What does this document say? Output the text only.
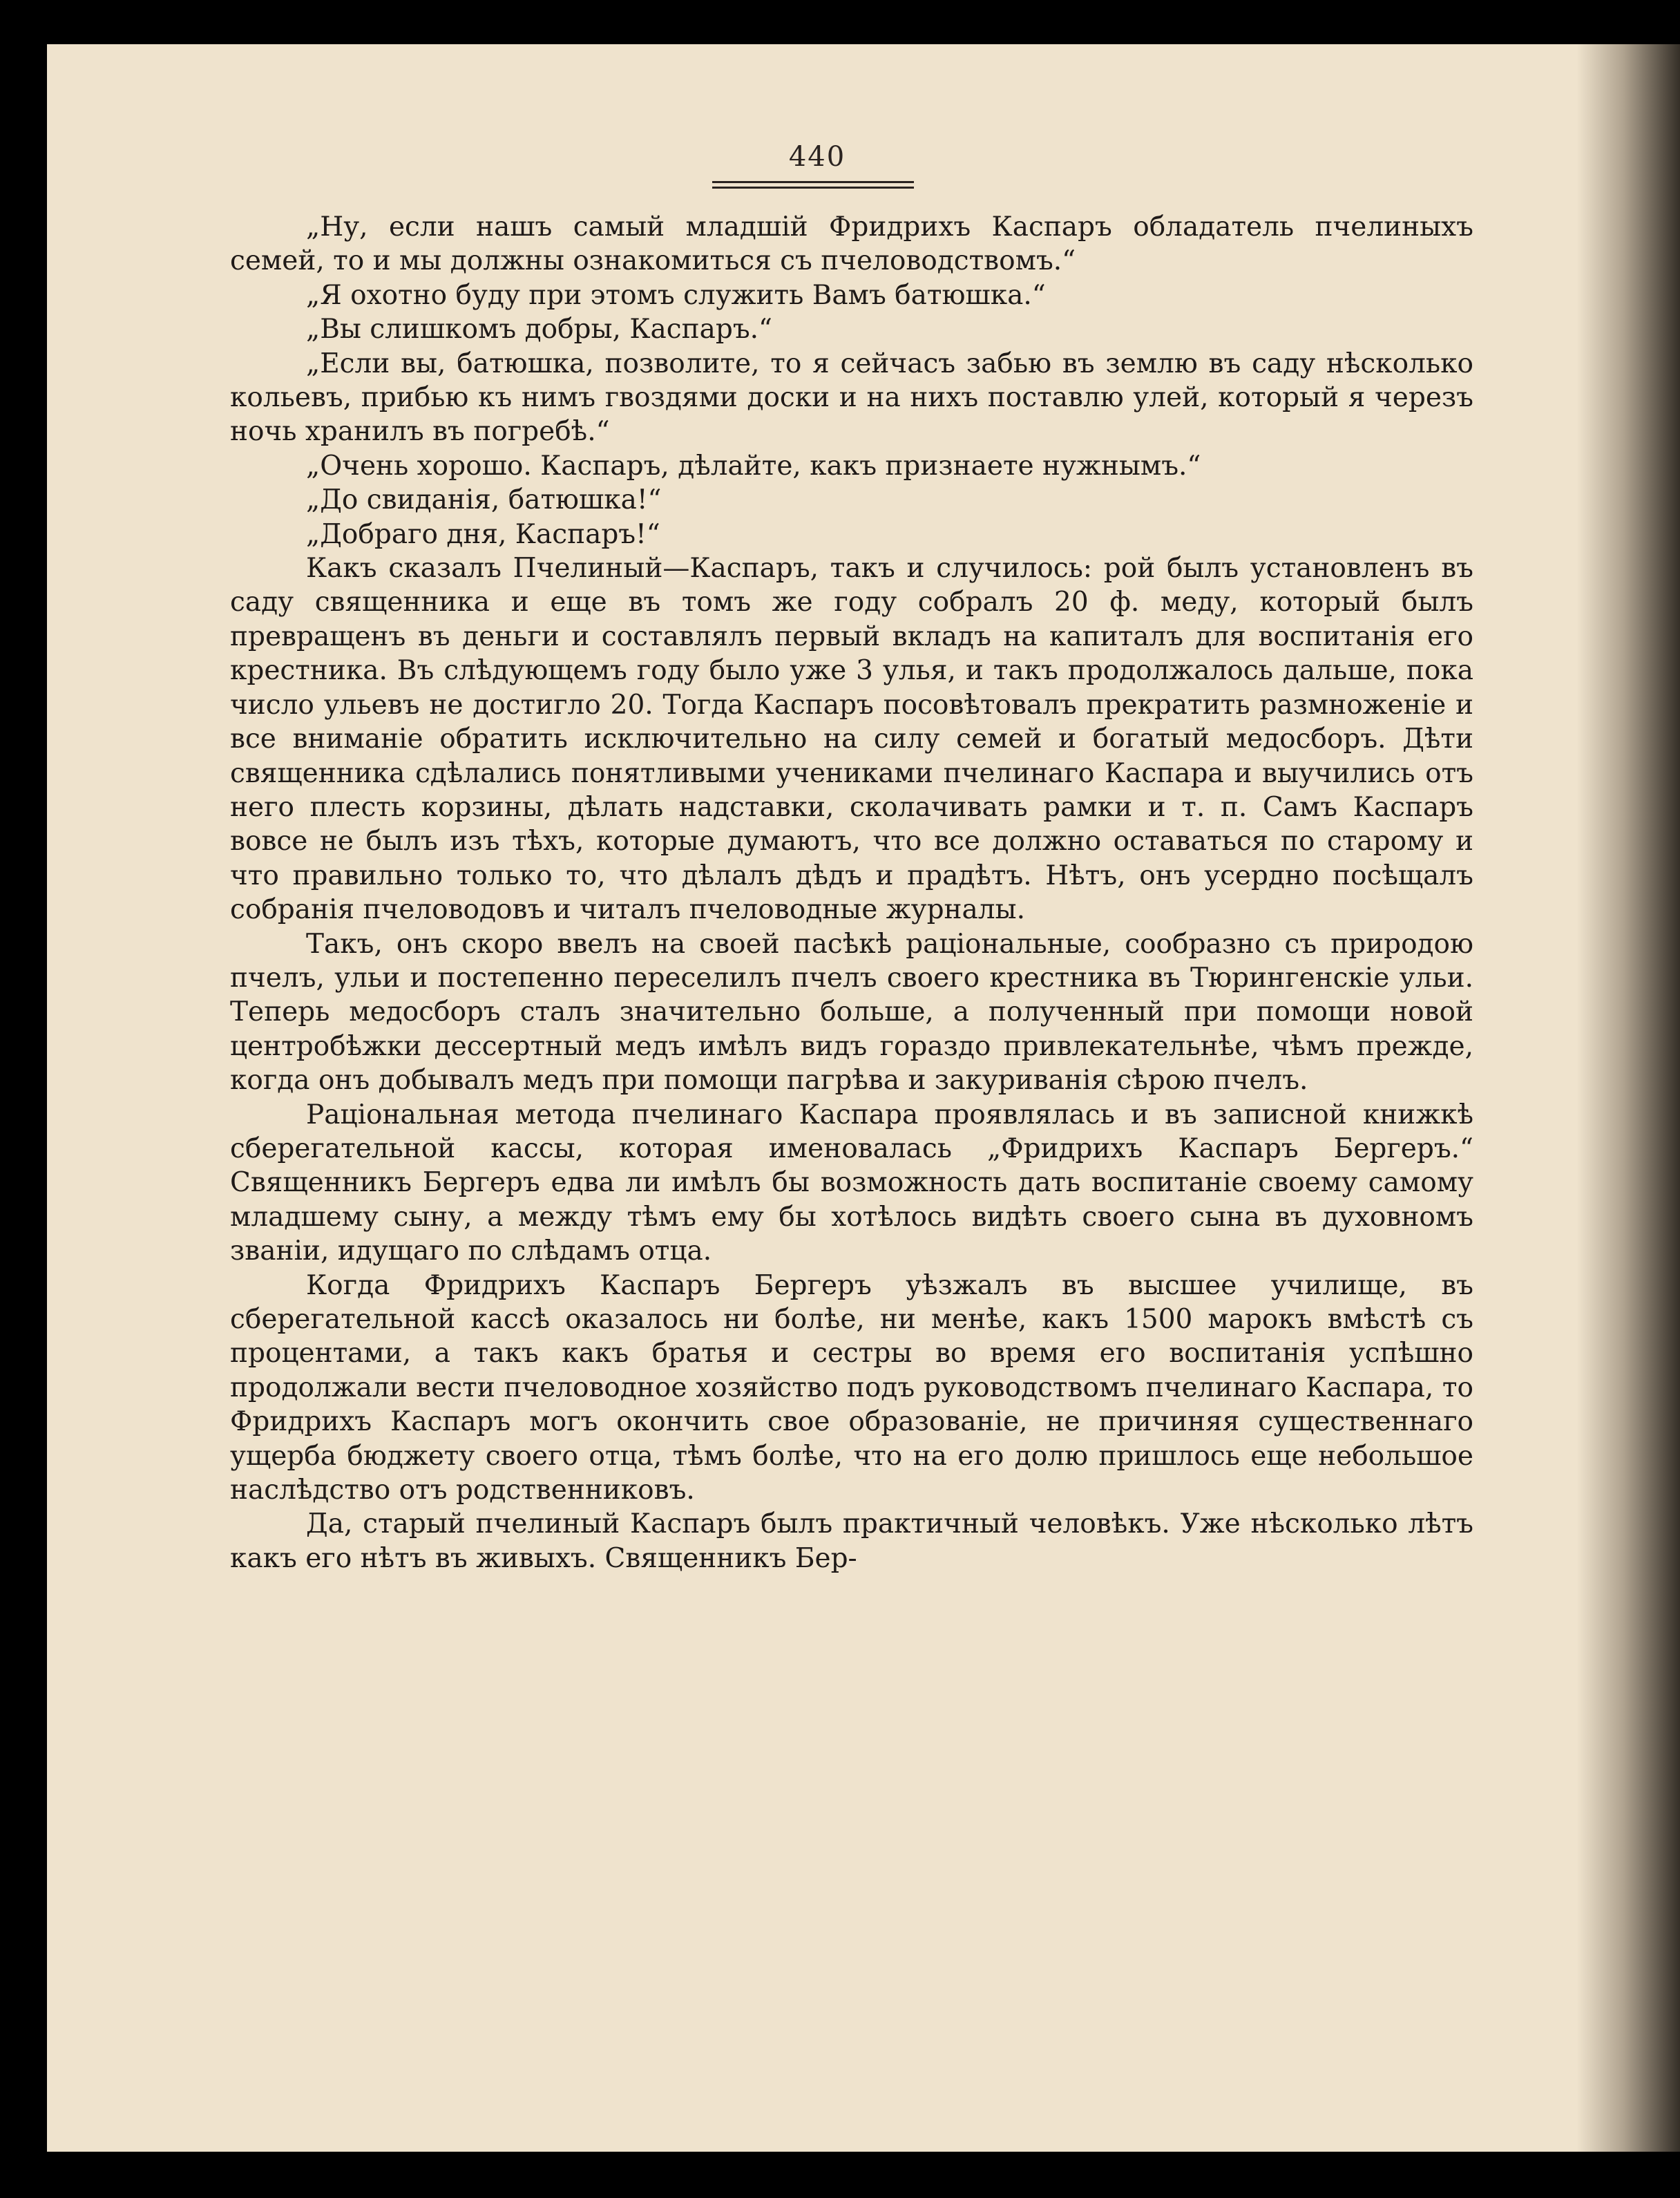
440

„Ну, если нашъ самый младшій Фридрихъ Каспаръ обладатель пчелиныхъ семей, то и мы должны ознакомиться съ пчеловодствомъ.“

„Я охотно буду при этомъ служить Вамъ батюшка.“

„Вы слишкомъ добры, Каспаръ.“

„Если вы, батюшка, позволите, то я сейчасъ забью въ землю въ саду нѣсколько кольевъ, прибью къ нимъ гвоздями доски и на нихъ поставлю улей, который я черезъ ночь хранилъ въ погребѣ.“

„Очень хорошо. Каспаръ, дѣлайте, какъ признаете нужнымъ.“

„До свиданія, батюшка!“

„Добраго дня, Каспаръ!“

Какъ сказалъ Пчелиный—Каспаръ, такъ и случилось: рой былъ установленъ въ саду священника и еще въ томъ же году собралъ 20 ф. меду, который былъ превращенъ въ деньги и составлялъ первый вкладъ на капиталъ для воспитанія его крестника. Въ слѣдующемъ году было уже 3 улья, и такъ продолжалось дальше, пока число ульевъ не достигло 20. Тогда Каспаръ посовѣтовалъ прекратить размноженіе и все вниманіе обратить исключительно на силу семей и богатый медосборъ. Дѣти священника сдѣлались понятливыми учениками пчелинаго Каспара и выучились отъ него плесть корзины, дѣлать надставки, сколачивать рамки и т. п. Самъ Каспаръ вовсе не былъ изъ тѣхъ, которые думаютъ, что все должно оставаться по старому и что правильно только то, что дѣлалъ дѣдъ и прадѣтъ. Нѣтъ, онъ усердно посѣщалъ собранія пчеловодовъ и читалъ пчеловодные журналы.

Такъ, онъ скоро ввелъ на своей пасѣкѣ раціональные, сообразно съ природою пчелъ, ульи и постепенно переселилъ пчелъ своего крестника въ Тюрингенскіе ульи. Теперь медосборъ сталъ значительно больше, а полученный при помощи новой центробѣжки дессертный медъ имѣлъ видъ гораздо привлекательнѣе, чѣмъ прежде, когда онъ добывалъ медъ при помощи пагрѣва и закуриванія сѣрою пчелъ.

Раціональная метода пчелинаго Каспара проявлялась и въ записной книжкѣ сберегательной кассы, которая именовалась „Фридрихъ Каспаръ Бергеръ.“ Священникъ Бергеръ едва ли имѣлъ бы возможность дать воспитаніе своему самому младшему сыну, а между тѣмъ ему бы хотѣлось видѣть своего сына въ духовномъ званіи, идущаго по слѣдамъ отца.

Когда Фридрихъ Каспаръ Бергеръ уѣзжалъ въ высшее училище, въ сберегательной кассѣ оказалось ни болѣе, ни менѣе, какъ 1500 марокъ вмѣстѣ съ процентами, а такъ какъ братья и сестры во время его воспитанія успѣшно продолжали вести пчеловодное хозяйство подъ руководствомъ пчелинаго Каспара, то Фридрихъ Каспаръ могъ окончить свое образованіе, не причиняя существеннаго ущерба бюджету своего отца, тѣмъ болѣе, что на его долю пришлось еще небольшое наслѣдство отъ родственниковъ.

Да, старый пчелиный Каспаръ былъ практичный человѣкъ. Уже нѣсколько лѣтъ какъ его нѣтъ въ живыхъ. Священникъ Бер-
